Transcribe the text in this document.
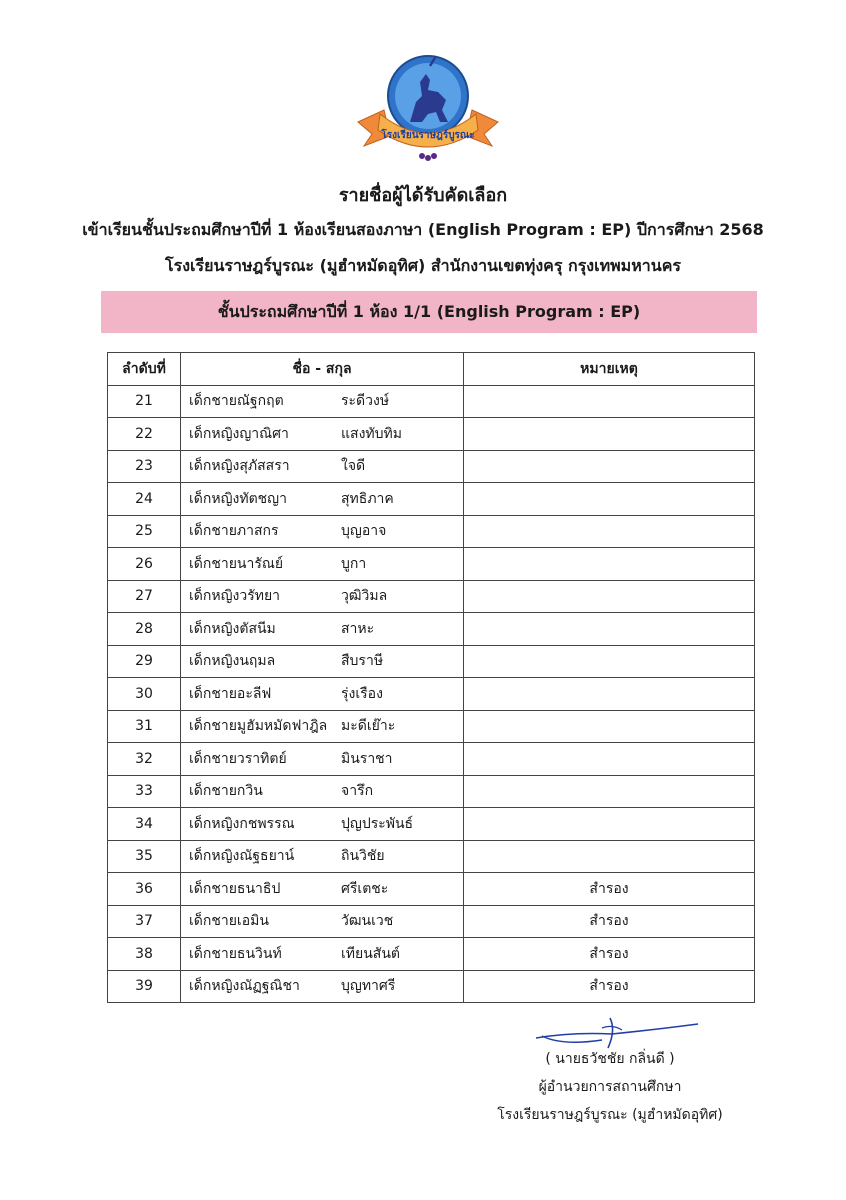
โรงเรียนราษฎร์บูรณะ
รายชื่อผู้ได้รับคัดเลือก
เข้าเรียนชั้นประถมศึกษาปีที่ 1 ห้องเรียนสองภาษา (English Program : EP) ปีการศึกษา 2568
โรงเรียนราษฎร์บูรณะ (มูฮำหมัดอุทิศ) สำนักงานเขตทุ่งครุ กรุงเทพมหานคร
ชั้นประถมศึกษาปีที่ 1 ห้อง 1/1 (English Program : EP)
ลำดับที่	ชื่อ - สกุล	หมายเหตุ
21	เด็กชายณัฐกฤต ระดีวงษ์	
22	เด็กหญิงญาณิศา แสงทับทิม	
23	เด็กหญิงสุภัสสรา ใจดี	
24	เด็กหญิงทัตชญา สุทธิภาค	
25	เด็กชายภาสกร บุญอาจ	
26	เด็กชายนารัณย์ บูกา	
27	เด็กหญิงวรัทยา วุฒิวิมล	
28	เด็กหญิงตัสนีม สาหะ	
29	เด็กหญิงนฤมล สืบราษี	
30	เด็กชายอะลีฟ รุ่งเรือง	
31	เด็กชายมูฮัมหมัดฟาฎิล มะดีเย๊าะ	
32	เด็กชายวราทิตย์ มินราชา	
33	เด็กชายกวิน จารึก	
34	เด็กหญิงกชพรรณ ปุญประพันธ์	
35	เด็กหญิงณัฐธยาน์ ถินวิชัย	
36	เด็กชายธนาธิป ศรีเตชะ	สำรอง
37	เด็กชายเอมิน วัฒนเวช	สำรอง
38	เด็กชายธนวินท์ เทียนสันต์	สำรอง
39	เด็กหญิงณัฏฐณิชา บุญทาศรี	สำรอง
( นายธวัชชัย กลิ่นดี )
ผู้อำนวยการสถานศึกษา
โรงเรียนราษฎร์บูรณะ (มูฮำหมัดอุทิศ)
